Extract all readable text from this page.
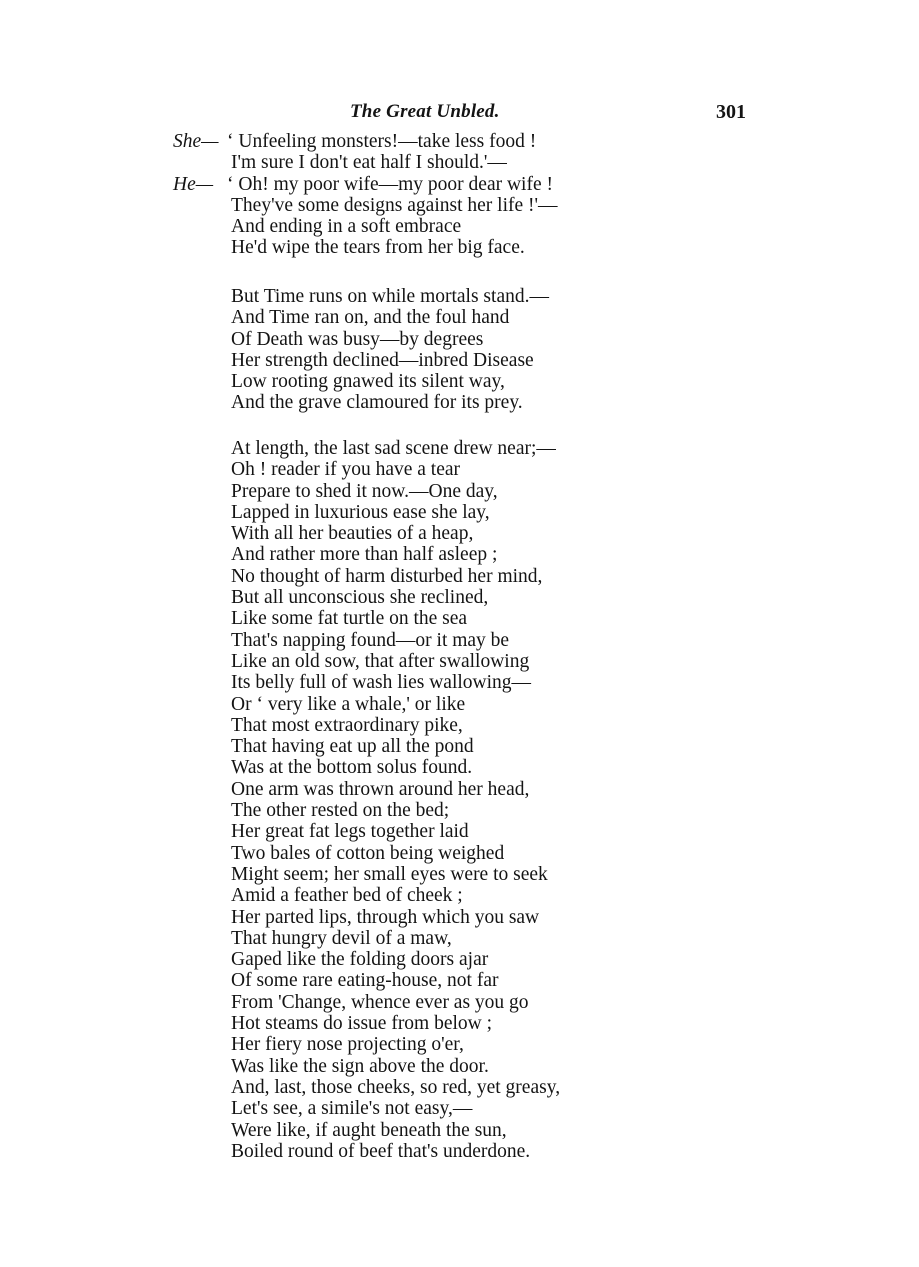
The Great Unbled.	301
She— ‘ Unfeeling monsters!—take less food !
I'm sure I don't eat half I should.'—
He— ‘ Oh! my poor wife—my poor dear wife !
They've some designs against her life !'—
And ending in a soft embrace
He'd wipe the tears from her big face.
But Time runs on while mortals stand.—
And Time ran on, and the foul hand
Of Death was busy—by degrees
Her strength declined—inbred Disease
Low rooting gnawed its silent way,
And the grave clamoured for its prey.
At length, the last sad scene drew near;—
Oh ! reader if you have a tear
Prepare to shed it now.—One day,
Lapped in luxurious ease she lay,
With all her beauties of a heap,
And rather more than half asleep ;
No thought of harm disturbed her mind,
But all unconscious she reclined,
Like some fat turtle on the sea
That's napping found—or it may be
Like an old sow, that after swallowing
Its belly full of wash lies wallowing—
Or ‘ very like a whale,' or like
That most extraordinary pike,
That having eat up all the pond
Was at the bottom solus found.
One arm was thrown around her head,
The other rested on the bed;
Her great fat legs together laid
Two bales of cotton being weighed
Might seem; her small eyes were to seek
Amid a feather bed of cheek ;
Her parted lips, through which you saw
That hungry devil of a maw,
Gaped like the folding doors ajar
Of some rare eating-house, not far
From 'Change, whence ever as you go
Hot steams do issue from below ;
Her fiery nose projecting o'er,
Was like the sign above the door.
And, last, those cheeks, so red, yet greasy,
Let's see, a simile's not easy,—
Were like, if aught beneath the sun,
Boiled round of beef that's underdone.
